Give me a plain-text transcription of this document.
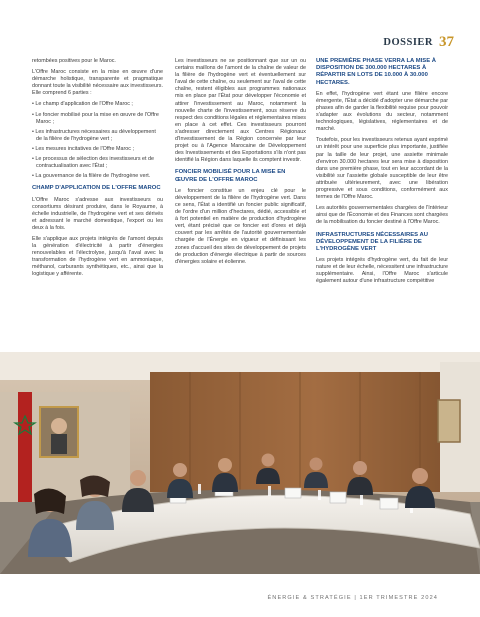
DOSSIER 37

retombées positives pour le Maroc.

L'Offre Maroc consiste en la mise en œuvre d'une démarche holistique, transparente et pragmatique donnant toute la visibilité nécessaire aux investisseurs. Elle comprend 6 parties :

• Le champ d'application de l'Offre Maroc ;
• Le foncier mobilisé pour la mise en œuvre de l'Offre Maroc ;
• Les infrastructures nécessaires au développement de la filière de l'hydrogène vert ;
• Les mesures incitatives de l'Offre Maroc ;
• Le processus de sélection des investisseurs et de contractualisation avec l'État ;
• La gouvernance de la filière de l'hydrogène vert.
CHAMP D'APPLICATION DE L'OFFRE MAROC

L'Offre Maroc s'adresse aux investisseurs ou consortiums désirant produire, dans le Royaume, à échelle industrielle, de l'hydrogène vert et ses dérivés et adressant le marché domestique, l'export ou les deux à la fois.

Elle s'applique aux projets intégrés de l'amont depuis la génération d'électricité à partir d'énergies renouvelables et l'électrolyse, jusqu'à l'aval avec la transformation de l'hydrogène vert en ammoniaque, méthanol, carburants synthétiques, etc., ainsi que la logistique y afférente.

Les investisseurs ne se positionnant que sur un ou certains maillons de l'amont de la chaîne de valeur de la filière de l'hydrogène vert et éventuellement sur l'aval de cette chaîne, ou seulement sur l'aval de cette chaîne, restent éligibles aux programmes nationaux mis en place par l'État pour développer l'économie et attirer l'investissement au Maroc, notamment la nouvelle charte de l'investissement, sous réserve du respect des conditions légales et réglementaires mises en place à cet effet. Ces investisseurs pourront s'adresser directement aux Centres Régionaux d'Investissement de la Région concernée par leur projet ou à l'Agence Marocaine de Développement des Investissements et des Exportations s'ils n'ont pas identifié la Région dans laquelle ils comptent investir.

FONCIER MOBILISÉ POUR LA MISE EN ŒUVRE DE L'OFFRE MAROC

Le foncier constitue un enjeu clé pour le développement de la filière de l'hydrogène vert. Dans ce sens, l'État a identifié un foncier public significatif, de l'ordre d'un million d'hectares, dédié, accessible et à fort potentiel en matière de production d'hydrogène vert, étant précisé que ce foncier est d'ores et déjà couvert par les arrêtés de l'autorité gouvernementale chargée de l'Énergie en vigueur et définissant les zones d'accueil des sites de développement de projets de production d'énergie électrique à partir de sources d'énergies solaire et éolienne.

UNE PREMIÈRE PHASE VERRA LA MISE À DISPOSITION DE 300.000 HECTARES À RÉPARTIR EN LOTS DE 10.000 À 30.000 HECTARES.

En effet, l'hydrogène vert étant une filière encore émergente, l'État a décidé d'adopter une démarche par phases afin de garder la flexibilité requise pour pouvoir s'adapter aux évolutions du secteur, notamment technologiques, législatives, réglementaires et de marché.

Toutefois, pour les investisseurs retenus ayant exprimé un intérêt pour une superficie plus importante, justifiée par la taille de leur projet, une assiette minimale d'environ 30.000 hectares leur sera mise à disposition dans une première phase, tout en leur accordant de la visibilité sur l'assiette globale susceptible de leur être attribuée ultérieurement, avec une libération progressive et sous conditions, conformément aux termes de l'Offre Maroc.

Les autorités gouvernementales chargées de l'Intérieur ainsi que de l'Économie et des Finances sont chargées de la mobilisation du foncier destiné à l'Offre Maroc.

INFRASTRUCTURES NÉCESSAIRES AU DÉVELOPPEMENT DE LA FILIÈRE DE L'HYDROGÈNE VERT

Les projets intégrés d'hydrogène vert, du fait de leur nature et de leur échelle, nécessitent une infrastructure supplémentaire. Ainsi, l'Offre Maroc s'articule également autour d'une infrastructure compétitive

ÉNERGIE & STRATÉGIE | 1ER TRIMESTRE 2024
